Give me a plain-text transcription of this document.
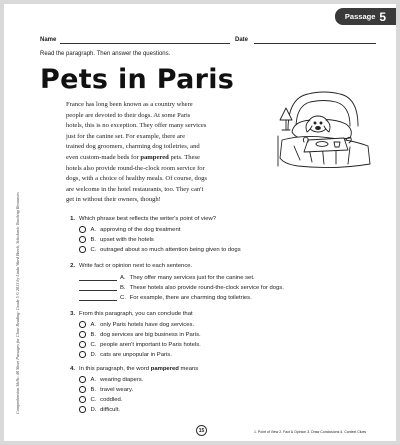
Comprehension Skills: 40 Short Passages for Close Reading: Grade 5 © 2013 by Linda Ward Beech, Scholastic Teaching Resources
Passage 5
Name	Date
Read the paragraph. Then answer the questions.
Pets in Paris
France has long been known as a country where
people are devoted to their dogs. At some Paris
hotels, this is no exception. They offer many services
just for the canine set. For example, there are
trained dog groomers, charming dog toiletries, and
even custom-made beds for pampered pets. These
hotels also provide round-the-clock room service for
dogs, with a choice of healthy meals. Of course, dogs
are welcome in the hotel restaurants, too. They can't
get in without their owners, though!
1. Which phrase best reflects the writer's point of view?
A.
approving of the dog treatment
B.
upset with the hotels
C.
outraged about so much attention being given to dogs
2. Write fact or opinion next to each sentence.
A.
They offer many services just for the canine set.
B.
These hotels also provide round-the-clock service for dogs.
C.
For example, there are charming dog toiletries.
3. From this paragraph, you can conclude that
A.
only Paris hotels have dog services.
B.
dog services are big business in Paris.
C.
people aren't important to Paris hotels.
D.
cats are unpopular in Paris.
4. In this paragraph, the word pampered means
A.
wearing diapers.
B.
travel weary.
C.
coddled.
D.
difficult.
15	1. Point of View 2. Fact & Opinion 3. Draw Conclusions 4. Context Clues
